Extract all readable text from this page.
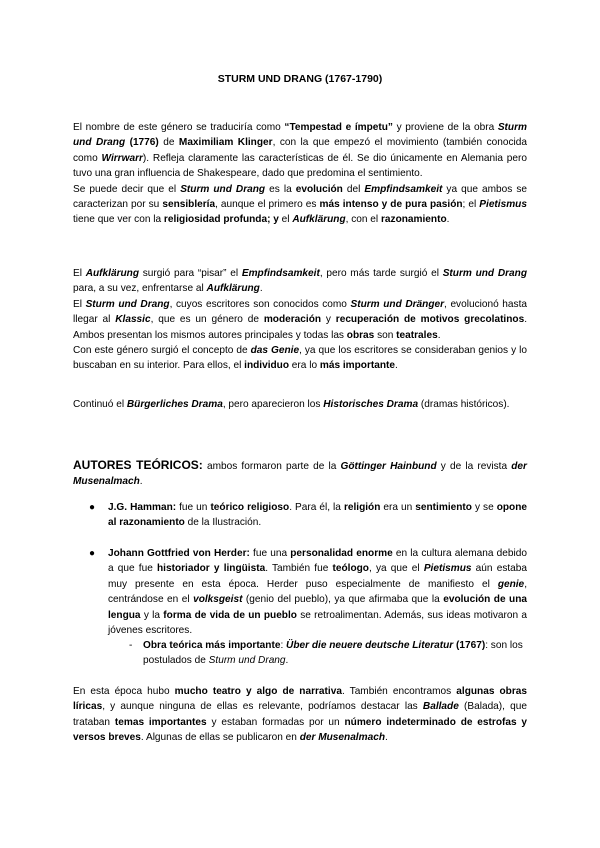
STURM UND DRANG (1767-1790)

El nombre de este género se traduciría como “Tempestad e ímpetu” y proviene de la obra Sturm und Drang (1776) de Maximiliam Klinger, con la que empezó el movimiento (también conocida como Wirrwarr). Refleja claramente las características de él. Se dio únicamente en Alemania pero tuvo una gran influencia de Shakespeare, dado que predomina el sentimiento.

Se puede decir que el Sturm und Drang es la evolución del Empfindsamkeit ya que ambos se caracterizan por su sensiblería, aunque el primero es más intenso y de pura pasión; el Pietismus tiene que ver con la religiosidad profunda; y el Aufklärung, con el razonamiento.

El Aufklärung surgió para “pisar” el Empfindsamkeit, pero más tarde surgió el Sturm und Drang para, a su vez, enfrentarse al Aufklärung.

El Sturm und Drang, cuyos escritores son conocidos como Sturm und Dränger, evolucionó hasta llegar al Klassic, que es un género de moderación y recuperación de motivos grecolatinos. Ambos presentan los mismos autores principales y todas las obras son teatrales.

Con este género surgió el concepto de das Genie, ya que los escritores se consideraban genios y lo buscaban en su interior. Para ellos, el individuo era lo más importante.

Continuó el Bürgerliches Drama, pero aparecieron los Historisches Drama (dramas históricos).

AUTORES TEÓRICOS: ambos formaron parte de la Göttinger Hainbund y de la revista der Musenalmach.

● J.G. Hamman: fue un teórico religioso. Para él, la religión era un sentimiento y se opone al razonamiento de la Ilustración.

● Johann Gottfried von Herder: fue una personalidad enorme en la cultura alemana debido a que fue historiador y lingüista. También fue teólogo, ya que el Pietismus aún estaba muy presente en esta época. Herder puso especialmente de manifiesto el genie, centrándose en el volksgeist (genio del pueblo), ya que afirmaba que la evolución de una lengua y la forma de vida de un pueblo se retroalimentan. Además, sus ideas motivaron a jóvenes escritores.

- Obra teórica más importante: Über die neuere deutsche Literatur (1767): son los postulados de Sturm und Drang.

En esta época hubo mucho teatro y algo de narrativa. También encontramos algunas obras líricas, y aunque ninguna de ellas es relevante, podríamos destacar las Ballade (Balada), que trataban temas importantes y estaban formadas por un número indeterminado de estrofas y versos breves. Algunas de ellas se publicaron en der Musenalmach.
